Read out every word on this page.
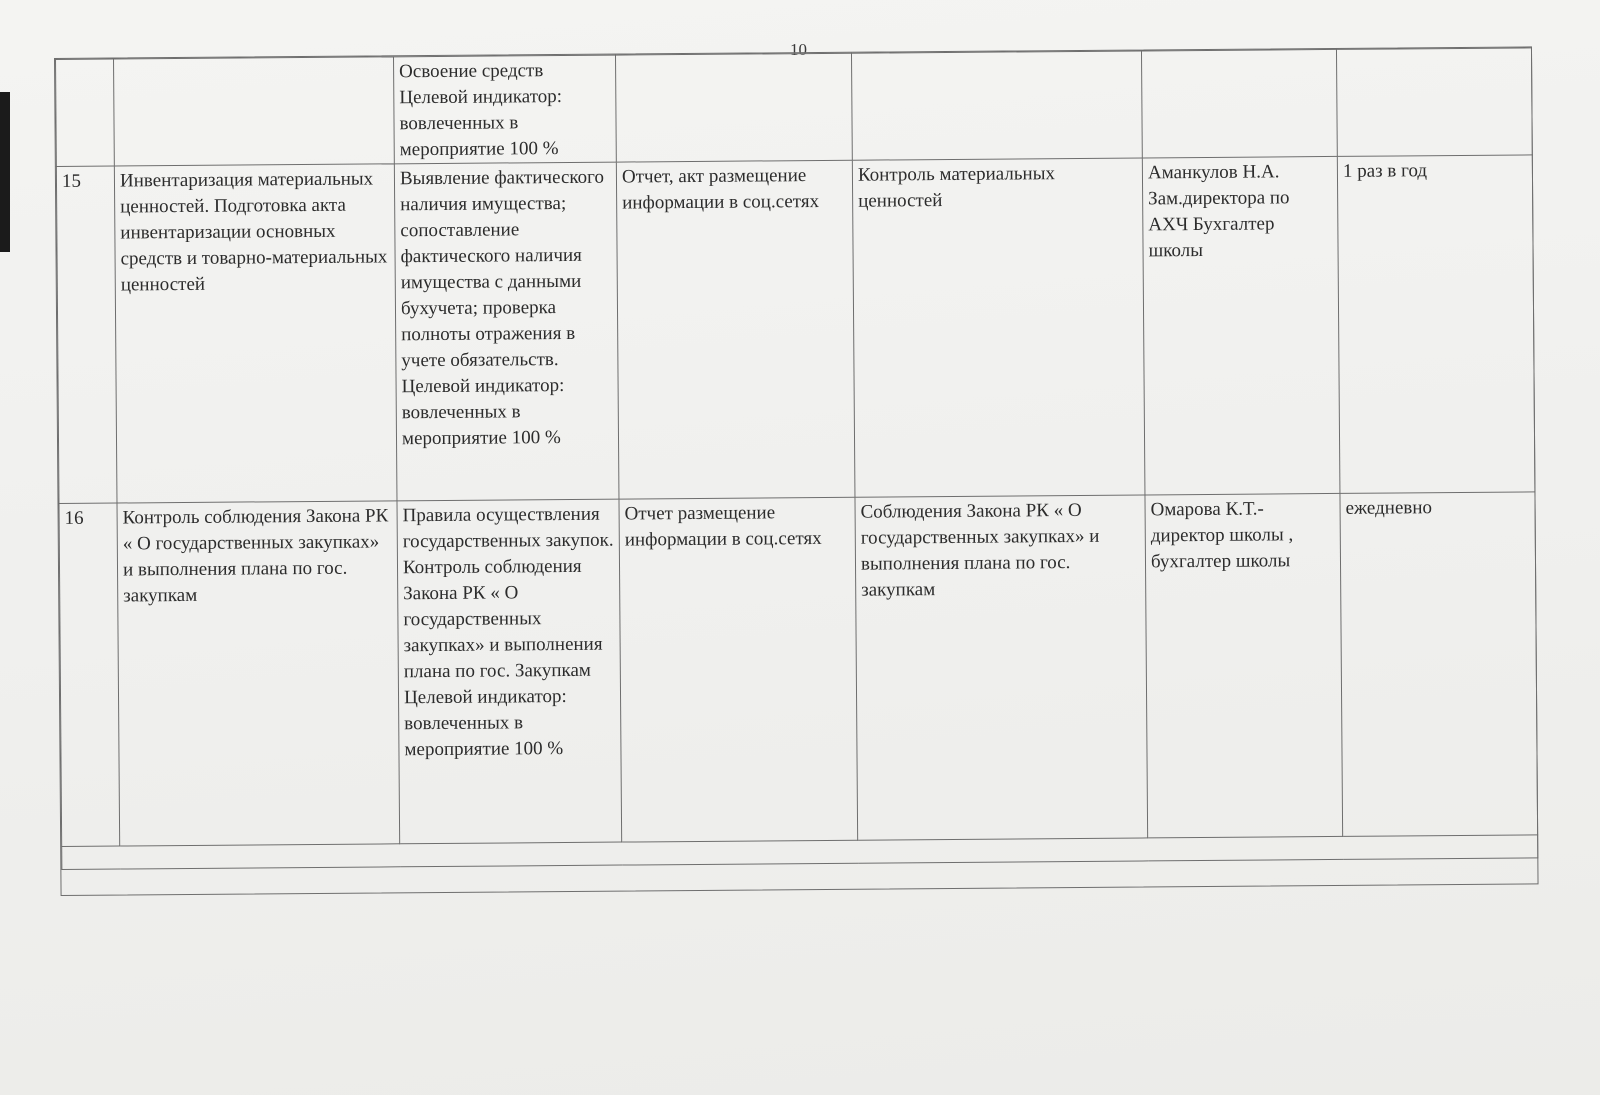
10
		Освоение средств Целевой индикатор: вовлеченных в мероприятие 100 %				
15	Инвентаризация материальных ценностей. Подготовка акта инвентаризации основных средств и товарно-материальных ценностей	Выявление фактического наличия имущества; сопоставление фактического наличия имущества с данными бухучета; проверка полноты отражения в учете обязательств. Целевой индикатор: вовлеченных в мероприятие 100 %	Отчет, акт размещение информации в соц.сетях	Контроль материальных ценностей	Аманкулов Н.А. Зам.директора по АХЧ Бухгалтер школы	1 раз в год
16	Контроль соблюдения Закона РК « О государственных закупках» и выполнения плана по гос. закупкам	Правила осуществления государственных закупок. Контроль соблюдения Закона РК « О государственных закупках» и выполнения плана по гос. Закупкам Целевой индикатор: вовлеченных в мероприятие 100 %	Отчет размещение информации в соц.сетях	Соблюдения Закона РК « О государственных закупках» и выполнения плана по гос. закупкам	Омарова К.Т.- директор школы , бухгалтер школы	ежедневно
